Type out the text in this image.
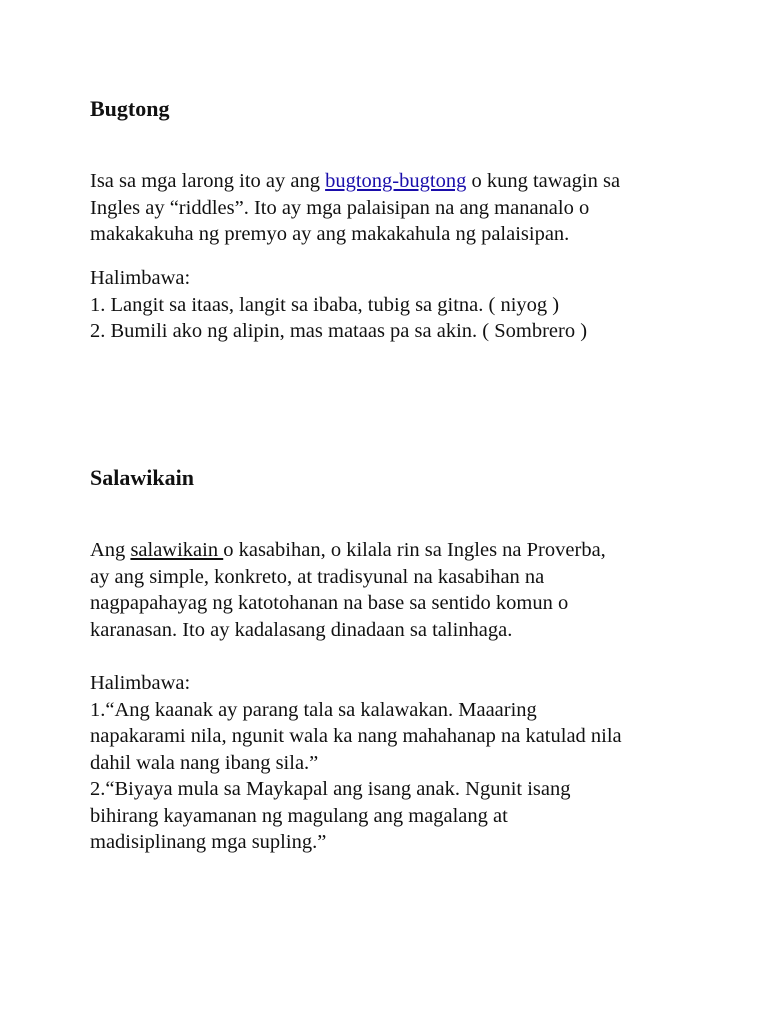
Bugtong

Isa sa mga larong ito ay ang bugtong-bugtong o kung tawagin sa
Ingles ay “riddles”. Ito ay mga palaisipan na ang mananalo o
makakakuha ng premyo ay ang makakahula ng palaisipan.

Halimbawa:
1. Langit sa itaas, langit sa ibaba, tubig sa gitna. ( niyog )
2. Bumili ako ng alipin, mas mataas pa sa akin. ( Sombrero )

Salawikain

Ang salawikain o kasabihan, o kilala rin sa Ingles na Proverba,
ay ang simple, konkreto, at tradisyunal na kasabihan na
nagpapahayag ng katotohanan na base sa sentido komun o
karanasan. Ito ay kadalasang dinadaan sa talinhaga.

Halimbawa:
1.“Ang kaanak ay parang tala sa kalawakan. Maaaring
napakarami nila, ngunit wala ka nang mahahanap na katulad nila
dahil wala nang ibang sila.”
2.“Biyaya mula sa Maykapal ang isang anak. Ngunit isang
bihirang kayamanan ng magulang ang magalang at
madisiplinang mga supling.”
